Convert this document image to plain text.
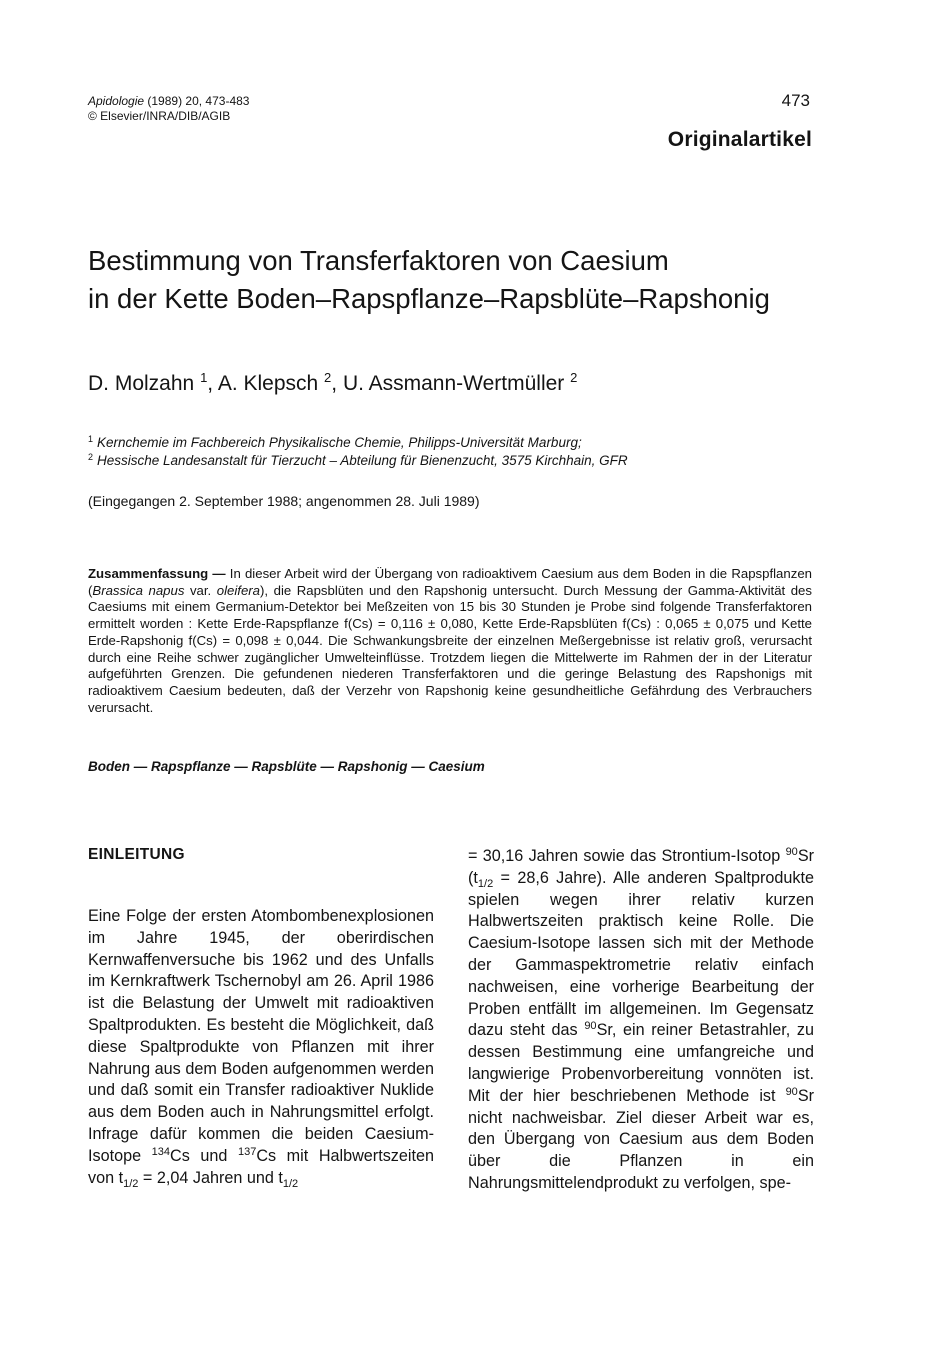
Apidologie (1989) 20, 473-483
© Elsevier/INRA/DIB/AGIB
473
Originalartikel
Bestimmung von Transferfaktoren von Caesium
in der Kette Boden–Rapspflanze–Rapsblüte–Rapshonig
D. Molzahn $^1$, A. Klepsch $^2$, U. Assmann-Wertmüller $^2$
$^1$ Kernchemie im Fachbereich Physikalische Chemie, Philipps-Universität Marburg;
$^2$ Hessische Landesanstalt für Tierzucht – Abteilung für Bienenzucht, 3575 Kirchhain, GFR
(Eingegangen 2. September 1988; angenommen 28. Juli 1989)
Zusammenfassung — In dieser Arbeit wird der Übergang von radioaktivem Caesium aus dem Boden in die Rapspflanzen (Brassica napus var. oleifera), die Rapsblüten und den Rapshonig untersucht. Durch Messung der Gamma-Aktivität des Caesiums mit einem Germanium-Detektor bei Meßzeiten von 15 bis 30 Stunden je Probe sind folgende Transferfaktoren ermittelt worden : Kette Erde-Rapspflanze f(Cs) = 0,116 ± 0,080, Kette Erde-Rapsblüten f(Cs) : 0,065 ± 0,075 und Kette Erde-Rapshonig f(Cs) = 0,098 ± 0,044. Die Schwankungsbreite der einzelnen Meßergebnisse ist relativ groß, verursacht durch eine Reihe schwer zugänglicher Umwelteinflüsse. Trotzdem liegen die Mittelwerte im Rahmen der in der Literatur aufgeführten Grenzen. Die gefundenen niederen Transferfaktoren und die geringe Belastung des Rapshonigs mit radioaktivem Caesium bedeuten, daß der Verzehr von Rapshonig keine gesundheitliche Gefährdung des Verbrauchers verursacht.
Boden — Rapspflanze — Rapsblüte — Rapshonig — Caesium
EINLEITUNG
Eine Folge der ersten Atombombenexplosionen im Jahre 1945, der oberirdischen Kernwaffenversuche bis 1962 und des Unfalls im Kernkraftwerk Tschernobyl am 26. April 1986 ist die Belastung der Umwelt mit radioaktiven Spaltprodukten. Es besteht die Möglichkeit, daß diese Spaltprodukte von Pflanzen mit ihrer Nahrung aus dem Boden aufgenommen werden und daß somit ein Transfer radioaktiver Nuklide aus dem Boden auch in Nahrungsmittel erfolgt. Infrage dafür kommen die beiden Caesium-Isotope $^{134}$Cs und $^{137}$Cs mit Halbwertszeiten von $t_{1/2} = 2,04$ Jahren und $t_{1/2}$
= 30,16 Jahren sowie das Strontium-Isotop $^{90}$Sr ($t_{1/2} = 28,6$ Jahre). Alle anderen Spaltprodukte spielen wegen ihrer relativ kurzen Halbwertszeiten praktisch keine Rolle. Die Caesium-Isotope lassen sich mit der Methode der Gammaspektrometrie relativ einfach nachweisen, eine vorherige Bearbeitung der Proben entfällt im allgemeinen. Im Gegensatz dazu steht das $^{90}$Sr, ein reiner Betastrahler, zu dessen Bestimmung eine umfangreiche und langwierige Probenvorbereitung vonnöten ist. Mit der hier beschriebenen Methode ist $^{90}$Sr nicht nachweisbar. Ziel dieser Arbeit war es, den Übergang von Caesium aus dem Boden über die Pflanzen in ein Nahrungsmittelendprodukt zu verfolgen, spe-
